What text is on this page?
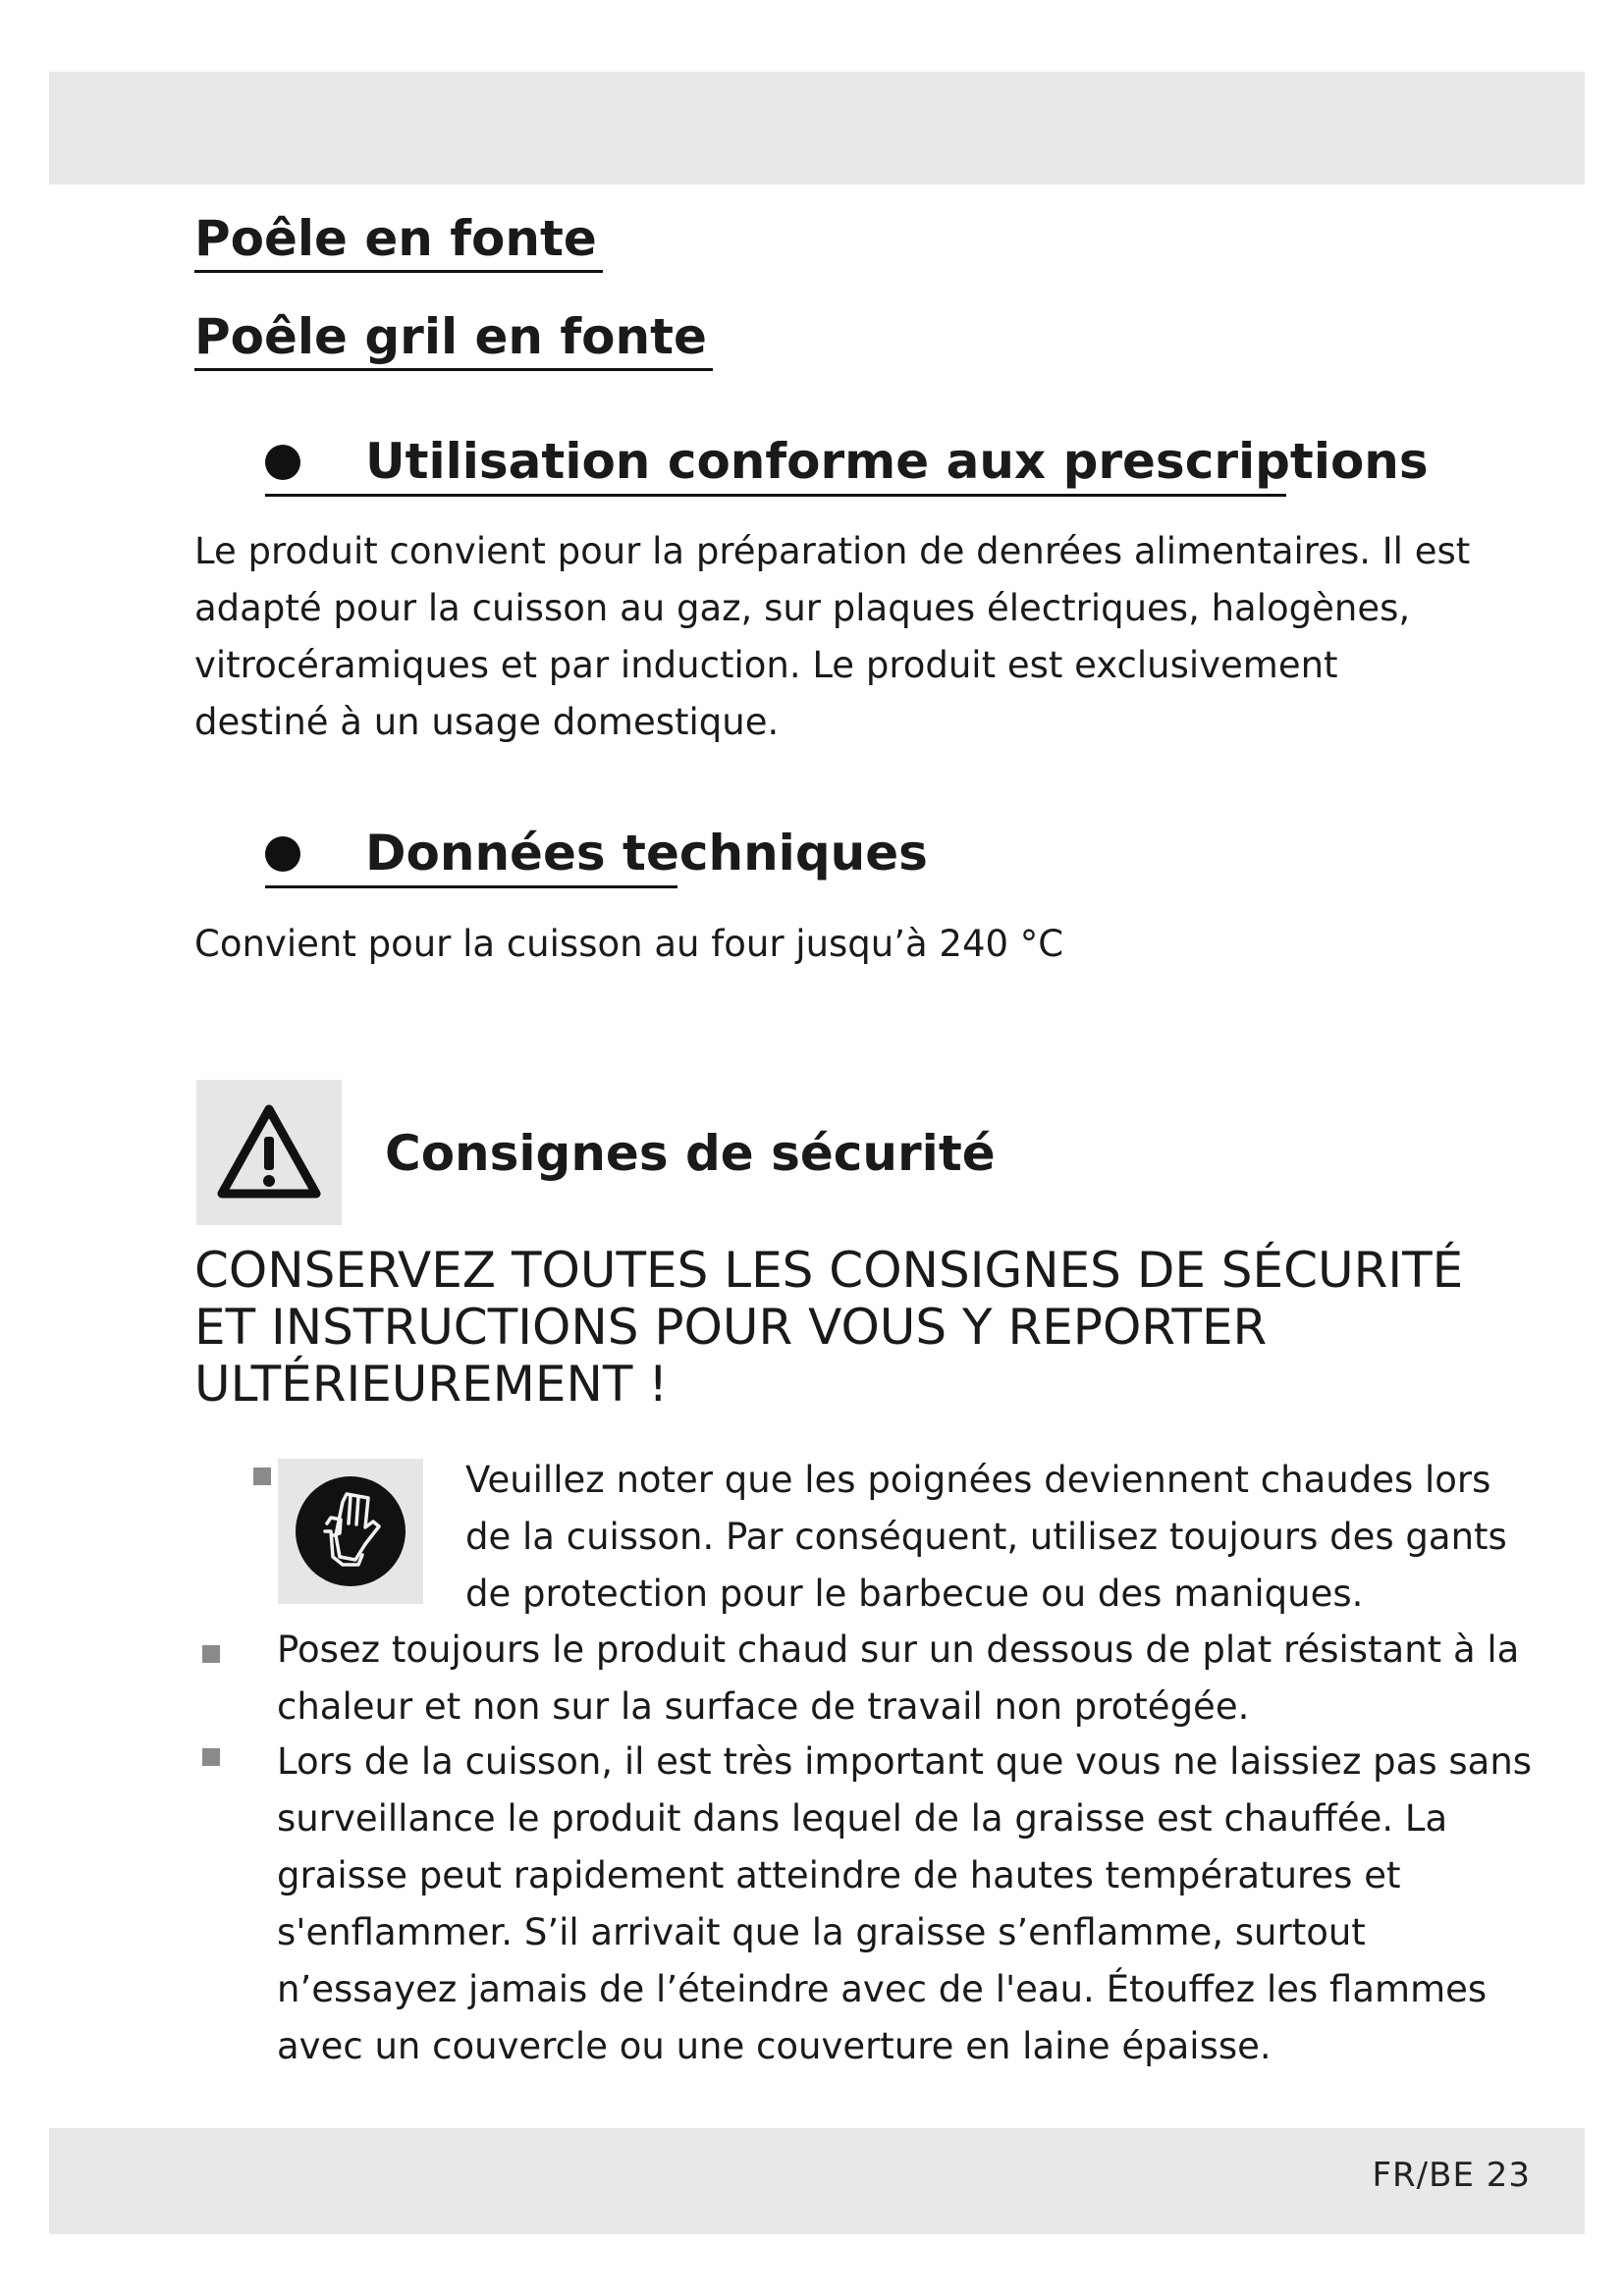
Poêle en fonte
Poêle gril en fonte
Utilisation conforme aux prescriptions

Le produit convient pour la préparation de denrées alimentaires. Il est adapté pour la cuisson au gaz, sur plaques électriques, halogènes, vitrocéramiques et par induction. Le produit est exclusivement destiné à un usage domestique.

Données techniques

Convient pour la cuisson au four jusqu’à 240 °C

Consignes de sécurité

CONSERVEZ TOUTES LES CONSIGNES DE SÉCURITÉ ET INSTRUCTIONS POUR VOUS Y REPORTER ULTÉRIEUREMENT !

Veuillez noter que les poignées deviennent chaudes lors de la cuisson. Par conséquent, utilisez toujours des gants de protection pour le barbecue ou des maniques.

Posez toujours le produit chaud sur un dessous de plat résistant à la chaleur et non sur la surface de travail non protégée.

Lors de la cuisson, il est très important que vous ne laissiez pas sans surveillance le produit dans lequel de la graisse est chauffée. La graisse peut rapidement atteindre de hautes températures et s'enflammer. S’il arrivait que la graisse s’enflamme, surtout n’essayez jamais de l’éteindre avec de l'eau. Étouffez les flammes avec un couvercle ou une couverture en laine épaisse.

FR/BE 23
